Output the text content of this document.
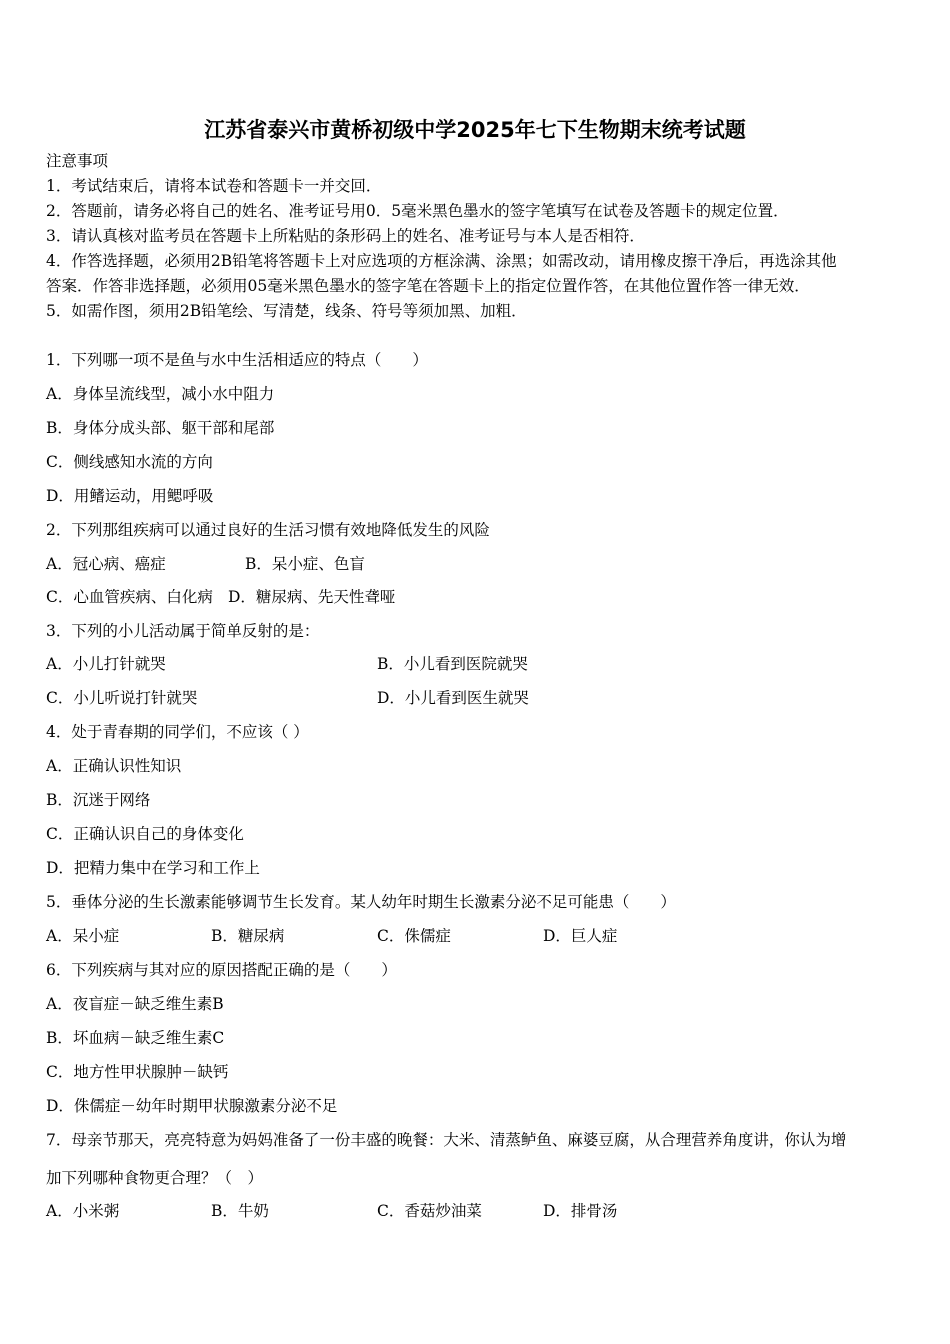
江苏省泰兴市黄桥初级中学2025年七下生物期末统考试题
注意事项
1．考试结束后，请将本试卷和答题卡一并交回．
2．答题前，请务必将自己的姓名、准考证号用0．5毫米黑色墨水的签字笔填写在试卷及答题卡的规定位置．
3．请认真核对监考员在答题卡上所粘贴的条形码上的姓名、准考证号与本人是否相符．
4．作答选择题，必须用2B铅笔将答题卡上对应选项的方框涂满、涂黑；如需改动，请用橡皮擦干净后，再选涂其他
答案．作答非选择题，必须用05毫米黑色墨水的签字笔在答题卡上的指定位置作答，在其他位置作答一律无效．
5．如需作图，须用2B铅笔绘、写清楚，线条、符号等须加黑、加粗．
1．下列哪一项不是鱼与水中生活相适应的特点（　　）
A．身体呈流线型，减小水中阻力
B．身体分成头部、躯干部和尾部
C．侧线感知水流的方向
D．用鳍运动，用鳃呼吸
2．下列那组疾病可以通过良好的生活习惯有效地降低发生的风险
A．冠心病、癌症	B．呆小症、色盲
C．心血管疾病、白化病 D．糖尿病、先天性聋哑
3．下列的小儿活动属于简单反射的是：
A．小儿打针就哭	B．小儿看到医院就哭
C．小儿听说打针就哭	D．小儿看到医生就哭
4．处于青春期的同学们，不应该（ ）
A．正确认识性知识
B．沉迷于网络
C．正确认识自己的身体变化
D．把精力集中在学习和工作上
5．垂体分泌的生长激素能够调节生长发育。某人幼年时期生长激素分泌不足可能患（　　）
A．呆小症	B．糖尿病	C．侏儒症	D．巨人症
6．下列疾病与其对应的原因搭配正确的是（　　）
A．夜盲症－缺乏维生素B
B．坏血病－缺乏维生素C
C．地方性甲状腺肿－缺钙
D．侏儒症－幼年时期甲状腺激素分泌不足
7．母亲节那天，亮亮特意为妈妈准备了一份丰盛的晚餐：大米、清蒸鲈鱼、麻婆豆腐，从合理营养角度讲，你认为增
加下列哪种食物更合理？（　）
A．小米粥	B．牛奶	C．香菇炒油菜	D．排骨汤
